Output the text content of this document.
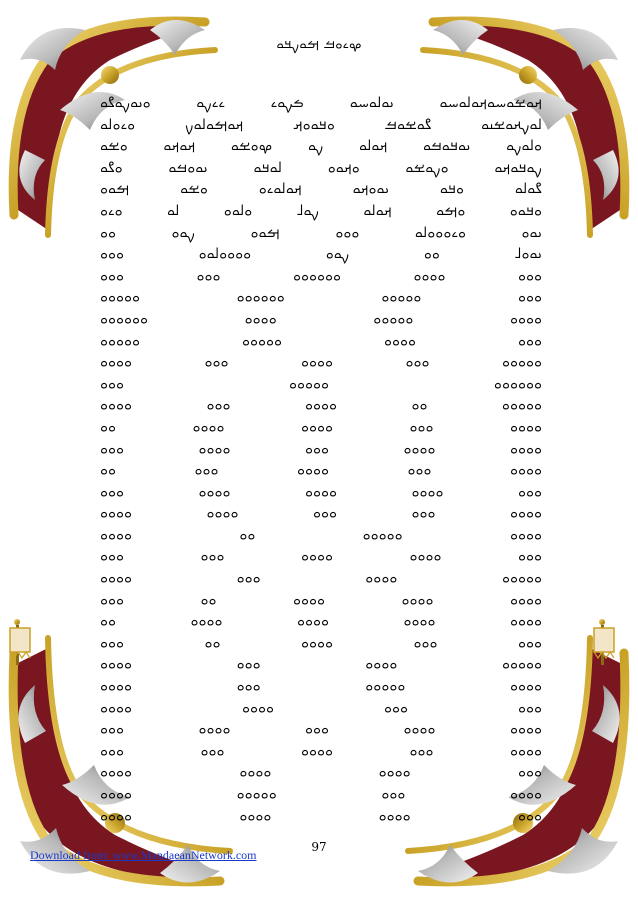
ࡔࡉࡀࡓ ࡌࡀࡍࡃࡀ
ࡕࡀࡁࡀࡄࡀࡕࡀࡋࡀࡄࡀ ࡅࡀࡋࡀࡄࡀ ࡏࡍࡀࡉ ࡉࡉࡍࡀ ࡀࡅࡀࡍࡀࡂࡀ
ࡋࡀࡍࡕࡀࡁࡅࡀ ࡂࡀࡁࡀࡓ ࡀࡃࡀࡀࡕ ࡕࡀࡌࡀࡋࡀࡍ ࡀࡉࡀࡋࡀ
ࡀࡋࡀࡍࡀ ࡅࡀࡃࡀࡓࡀ ࡕࡀࡋࡀ ࡍࡀ ࡔࡀࡁࡀ ࡕࡀࡕࡀ ࡀࡁࡀ
ࡍࡀࡃࡀࡕࡀ ࡀࡍࡀࡁࡀ ࡀࡕࡀࡀ ࡋࡀࡃࡀ ࡅࡀࡀࡓࡀ ࡀࡂࡀ
ࡂࡀࡋࡀ ࡀࡃࡀ ࡅࡀࡀࡕࡀ ࡕࡀࡋࡀࡉࡀ ࡀࡁࡀ ࡌࡀࡀ
ࡀࡃࡀࡀ ࡀࡌࡀ ࡕࡀࡋࡀ ࡍࡀࡋ ࡀࡋࡀࡀ ࡋࡀ ࡀࡉࡀ
ࡅࡀࡀ ࡀࡉࡀࡀࡀࡋࡀ ࡀࡀࡀ ࡌࡀࡀ ࡍࡀࡀ ࡀࡀ
ࡅࡀࡀࡋ ࡀࡀ ࡍࡀࡀ ࡀࡀࡀࡀࡋࡀࡀ ࡀࡀࡀ
ࡀࡀࡀ ࡀࡀࡀࡀ ࡀࡀࡀࡀࡀࡀ ࡀࡀࡀ ࡀࡀࡀ
ࡀࡀࡀ ࡀࡀࡀࡀࡀ ࡀࡀࡀࡀࡀࡀ ࡀࡀࡀࡀࡀ
ࡀࡀࡀࡀ ࡀࡀࡀࡀࡀ ࡀࡀࡀࡀ ࡀࡀࡀࡀࡀࡀ
ࡀࡀࡀ ࡀࡀࡀࡀ ࡀࡀࡀࡀࡀ ࡀࡀࡀࡀࡀ
ࡀࡀࡀࡀࡀ ࡀࡀࡀ ࡀࡀࡀࡀ ࡀࡀࡀ ࡀࡀࡀࡀ
ࡀࡀࡀࡀࡀࡀ ࡀࡀࡀࡀࡀ ࡀࡀࡀ
ࡀࡀࡀࡀࡀ ࡀࡀ ࡀࡀࡀࡀ ࡀࡀࡀ ࡀࡀࡀࡀ
ࡀࡀࡀࡀ ࡀࡀࡀ ࡀࡀࡀࡀ ࡀࡀࡀࡀ ࡀࡀ
ࡀࡀࡀࡀ ࡀࡀࡀࡀ ࡀࡀࡀ ࡀࡀࡀࡀ ࡀࡀࡀ
ࡀࡀࡀࡀ ࡀࡀࡀ ࡀࡀࡀࡀ ࡀࡀࡀ ࡀࡀ
ࡀࡀࡀ ࡀࡀࡀࡀ ࡀࡀࡀࡀ ࡀࡀࡀࡀ ࡀࡀࡀ
ࡀࡀࡀࡀ ࡀࡀࡀ ࡀࡀࡀ ࡀࡀࡀࡀ ࡀࡀࡀࡀ
ࡀࡀࡀࡀ ࡀࡀࡀࡀࡀ ࡀࡀ ࡀࡀࡀࡀ
ࡀࡀࡀ ࡀࡀࡀࡀ ࡀࡀࡀࡀ ࡀࡀࡀ ࡀࡀࡀ
ࡀࡀࡀࡀࡀ ࡀࡀࡀࡀ ࡀࡀࡀ ࡀࡀࡀࡀ
ࡀࡀࡀࡀ ࡀࡀࡀࡀ ࡀࡀࡀࡀ ࡀࡀ ࡀࡀࡀ
ࡀࡀࡀࡀ ࡀࡀࡀࡀ ࡀࡀࡀࡀ ࡀࡀࡀࡀ ࡀࡀ
ࡀࡀࡀ ࡀࡀࡀ ࡀࡀࡀࡀ ࡀࡀ ࡀࡀࡀ
ࡀࡀࡀࡀࡀ ࡀࡀࡀࡀ ࡀࡀࡀ ࡀࡀࡀࡀ
ࡀࡀࡀࡀ ࡀࡀࡀࡀࡀ ࡀࡀࡀ ࡀࡀࡀࡀ
ࡀࡀࡀ ࡀࡀࡀ ࡀࡀࡀࡀ ࡀࡀࡀࡀ
ࡀࡀࡀࡀ ࡀࡀࡀࡀ ࡀࡀࡀ ࡀࡀࡀࡀ ࡀࡀࡀ
ࡀࡀࡀࡀ ࡀࡀࡀ ࡀࡀࡀࡀ ࡀࡀࡀ ࡀࡀࡀ
ࡀࡀࡀ ࡀࡀࡀࡀ ࡀࡀࡀࡀ ࡀࡀࡀࡀ
ࡀࡀࡀࡀ ࡀࡀࡀ ࡀࡀࡀࡀࡀ ࡀࡀࡀࡀ
ࡀࡀࡀ ࡀࡀࡀࡀ ࡀࡀࡀࡀ ࡀࡀࡀࡀ
97
Download from: www.MandaeanNetwork.com
